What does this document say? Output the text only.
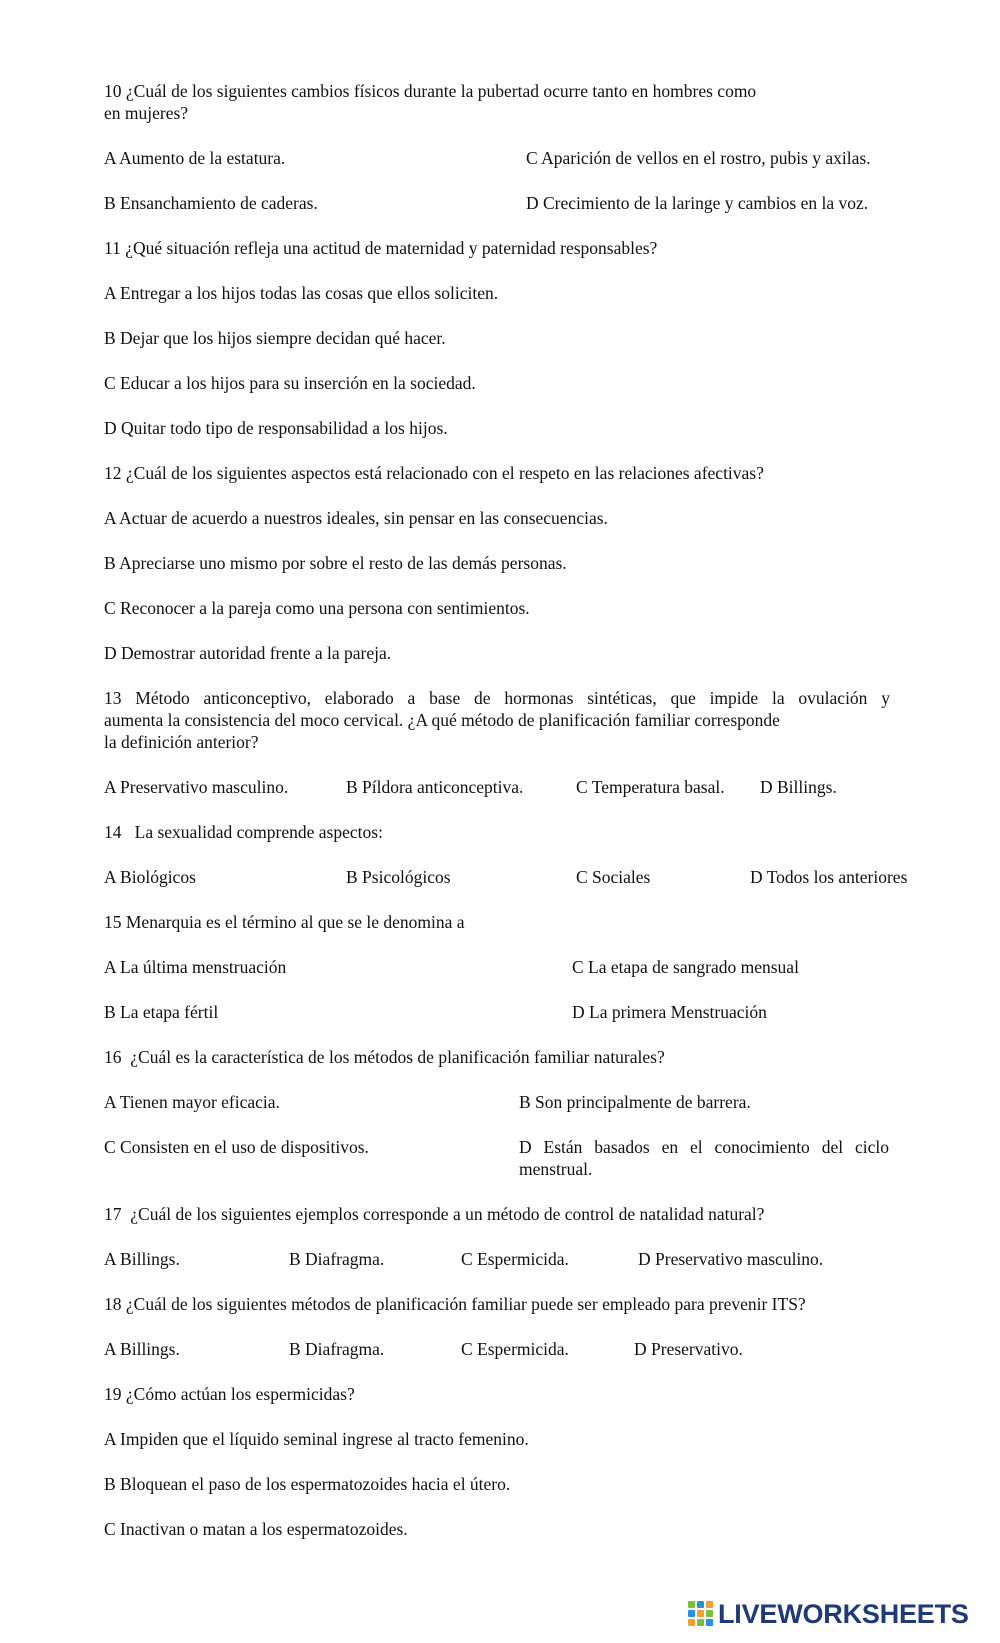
10 ¿Cuál de los siguientes cambios físicos durante la pubertad ocurre tanto en hombres como
en mujeres?
A Aumento de la estatura.	C Aparición de vellos en el rostro, pubis y axilas.
B Ensanchamiento de caderas.	D Crecimiento de la laringe y cambios en la voz.
11 ¿Qué situación refleja una actitud de maternidad y paternidad responsables?
A Entregar a los hijos todas las cosas que ellos soliciten.
B Dejar que los hijos siempre decidan qué hacer.
C Educar a los hijos para su inserción en la sociedad.
D Quitar todo tipo de responsabilidad a los hijos.
12 ¿Cuál de los siguientes aspectos está relacionado con el respeto en las relaciones afectivas?
A Actuar de acuerdo a nuestros ideales, sin pensar en las consecuencias.
B Apreciarse uno mismo por sobre el resto de las demás personas.
C Reconocer a la pareja como una persona con sentimientos.
D Demostrar autoridad frente a la pareja.
13 Método anticonceptivo, elaborado a base de hormonas sintéticas, que impide la ovulación y
aumenta la consistencia del moco cervical. ¿A qué método de planificación familiar corresponde
la definición anterior?
A Preservativo masculino.	B Píldora anticonceptiva.	C Temperatura basal. D Billings.
14   La sexualidad comprende aspectos:
A Biológicos	B Psicológicos	C Sociales	D Todos los anteriores
15 Menarquia es el término al que se le denomina a
A La última menstruación	C La etapa de sangrado mensual
B La etapa fértil	D La primera Menstruación
16  ¿Cuál es la característica de los métodos de planificación familiar naturales?
A Tienen mayor eficacia.	B Son principalmente de barrera.
C Consisten en el uso de dispositivos.	D Están basados en el conocimiento del ciclo
menstrual.
17  ¿Cuál de los siguientes ejemplos corresponde a un método de control de natalidad natural?
A Billings.	B Diafragma.	C Espermicida.	D Preservativo masculino.
18 ¿Cuál de los siguientes métodos de planificación familiar puede ser empleado para prevenir ITS?
A Billings.	B Diafragma.	C Espermicida.	D Preservativo.
19 ¿Cómo actúan los espermicidas?
A Impiden que el líquido seminal ingrese al tracto femenino.
B Bloquean el paso de los espermatozoides hacia el útero.
C Inactivan o matan a los espermatozoides.
LIVEWORKSHEETS
